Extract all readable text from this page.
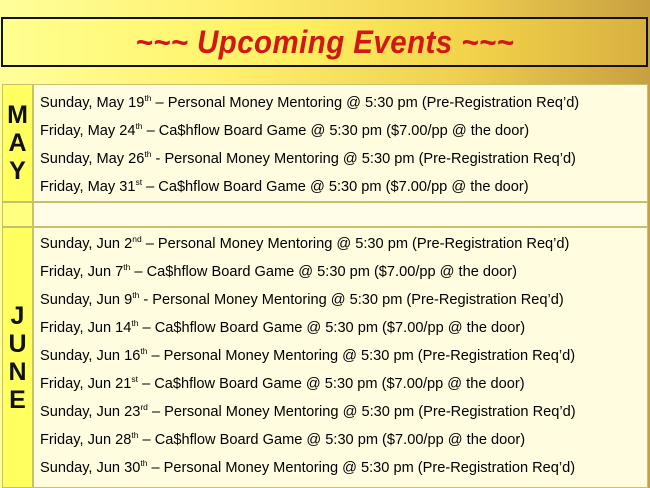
~~~ Upcoming Events ~~~
M
A
Y
Sunday, May 19th – Personal Money Mentoring @ 5:30 pm (Pre-Registration Req’d)
Friday, May 24th – Ca$hflow Board Game @ 5:30 pm ($7.00/pp @ the door)
Sunday, May 26th - Personal Money Mentoring @ 5:30 pm (Pre-Registration Req’d)
Friday, May 31st – Ca$hflow Board Game @ 5:30 pm ($7.00/pp @ the door)
J
U
N
E
Sunday, Jun 2nd – Personal Money Mentoring @ 5:30 pm (Pre-Registration Req’d)
Friday, Jun 7th – Ca$hflow Board Game @ 5:30 pm ($7.00/pp @ the door)
Sunday, Jun 9th - Personal Money Mentoring @ 5:30 pm (Pre-Registration Req’d)
Friday, Jun 14th – Ca$hflow Board Game @ 5:30 pm ($7.00/pp @ the door)
Sunday, Jun 16th – Personal Money Mentoring @ 5:30 pm (Pre-Registration Req’d)
Friday, Jun 21st – Ca$hflow Board Game @ 5:30 pm ($7.00/pp @ the door)
Sunday, Jun 23rd – Personal Money Mentoring @ 5:30 pm (Pre-Registration Req’d)
Friday, Jun 28th – Ca$hflow Board Game @ 5:30 pm ($7.00/pp @ the door)
Sunday, Jun 30th – Personal Money Mentoring @ 5:30 pm (Pre-Registration Req’d)
